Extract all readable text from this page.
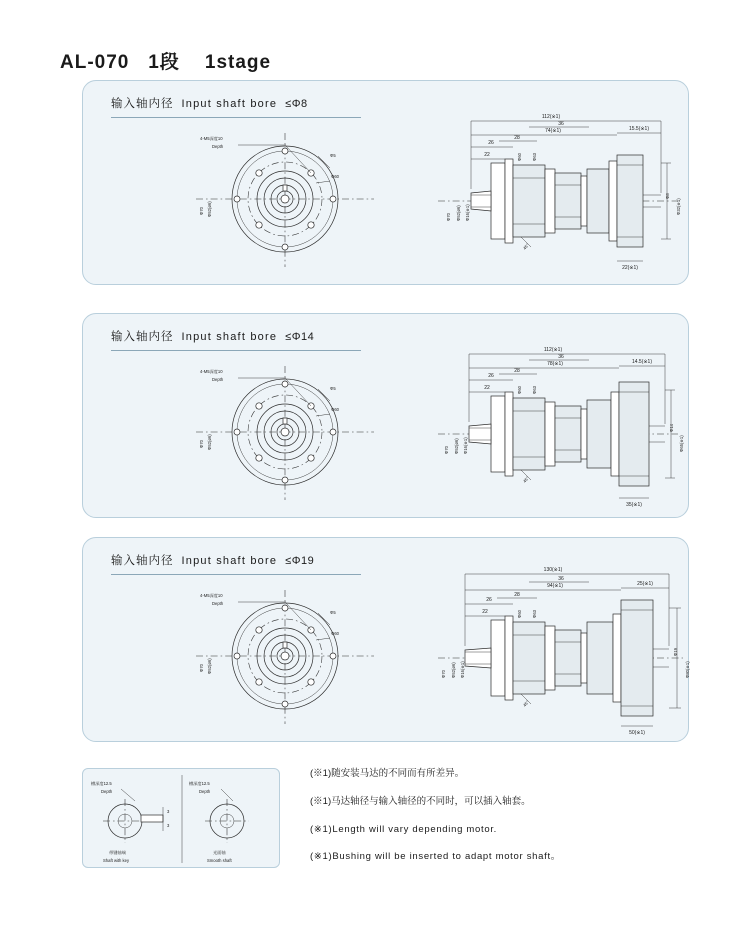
AL-070   1段    1stage
输入轴内径 Input shaft bore ≤Φ8
4-M5深度10
Depth
Φ5
Φ60
Φ52(ø6)
Φ70
112(※1)
74(※1)
26
22
28
36
15.5(※1)
22(※1)
Φ60 Φ63
Φ70 Φ52(ø6) Φ16(※1)
Φ8
Φ32(※1)
45°
输入轴内径 Input shaft bore ≤Φ14
4-M5深度10
Depth
Φ5
Φ60
Φ52(ø6)
Φ70
112(※1)
78(※1)
26
22
28
36
14.5(※1)
35(※1)
Φ60 Φ63
Φ70 Φ52(ø6) Φ16(※1)
Φ14
Φ65(※1)
45°
输入轴内径 Input shaft bore ≤Φ19
4-M5深度10
Depth
Φ5
Φ60
Φ52(ø6)
Φ70
130(※1)
94(※1)
26
22
28
36
25(※1)
50(※1)
Φ60 Φ63
Φ70 Φ52(ø6) Φ16(※1)
Φ19
Φ80(※1)
45°
槽深度12.5
Depth
3
3
带键轴端
Shaft with key
槽深度12.5
Depth
光面轴
Smooth shaft
(※1)随安装马达的不同而有所差异。
(※1)马达轴径与输入轴径的不同时，可以插入轴套。
(※1)Length will vary depending motor.
(※1)Bushing will be inserted to adapt motor shaft。
